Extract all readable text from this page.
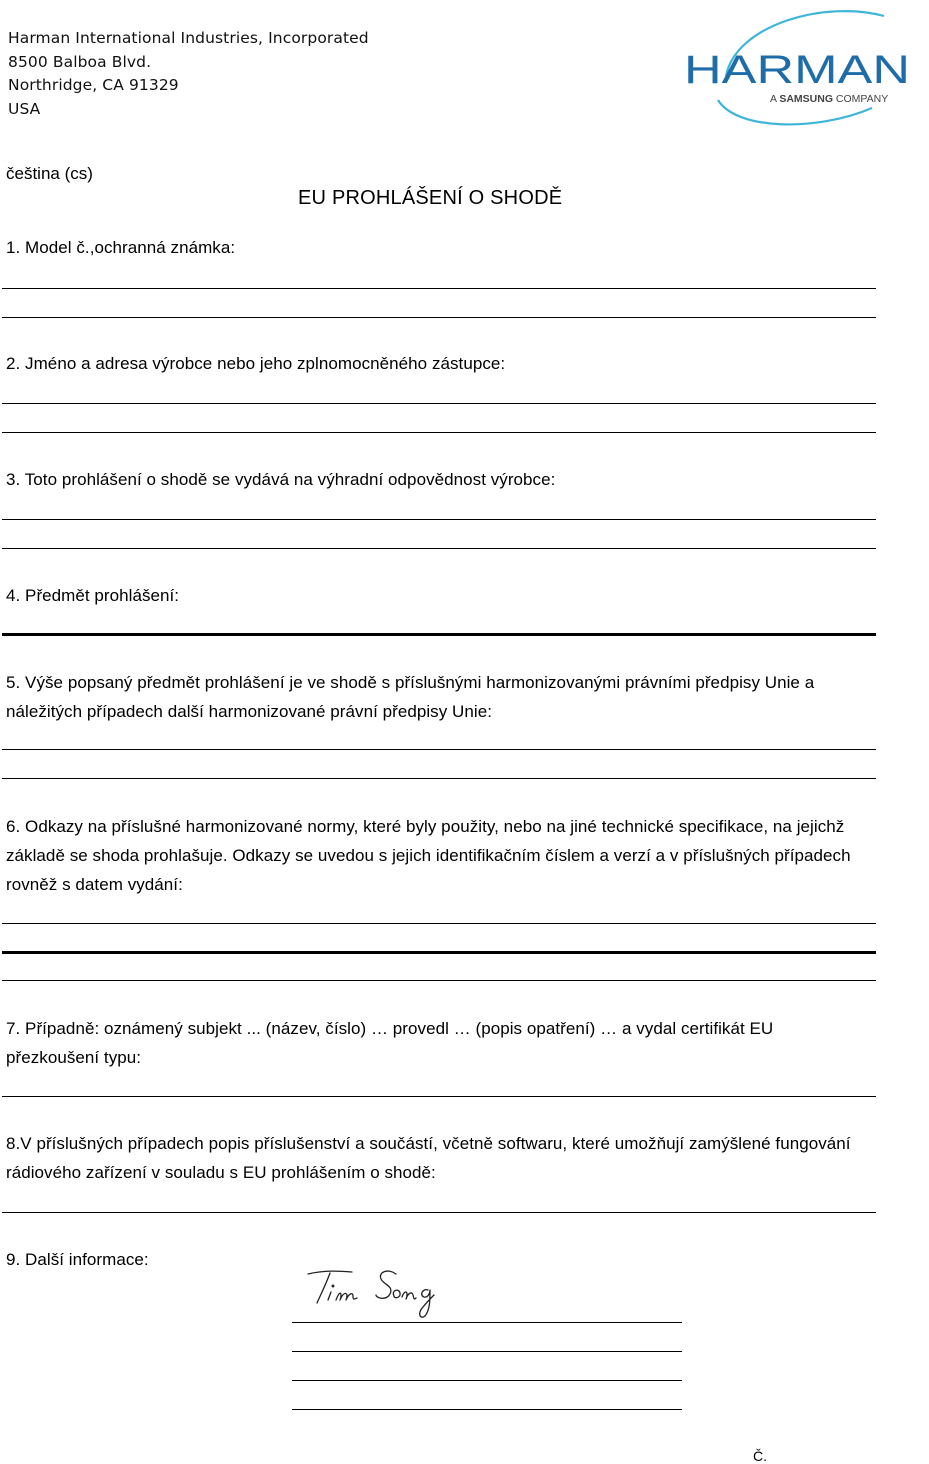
Harman International Industries, Incorporated
8500 Balboa Blvd.
Northridge, CA 91329
USA
HARMAN
A SAMSUNG COMPANY
čeština (cs)
EU PROHLÁŠENÍ O SHODĚ
1. Model č.,ochranná známka:
2. Jméno a adresa výrobce nebo jeho zplnomocněného zástupce:
3. Toto prohlášení o shodě se vydává na výhradní odpovědnost výrobce:
4. Předmět prohlášení:
5. Výše popsaný předmět prohlášení je ve shodě s příslušnými harmonizovanými právními předpisy Unie a
náležitých případech další harmonizované právní předpisy Unie:
6. Odkazy na příslušné harmonizované normy, které byly použity, nebo na jiné technické specifikace, na jejichž
základě se shoda prohlašuje. Odkazy se uvedou s jejich identifikačním číslem a verzí a v příslušných případech
rovněž s datem vydání:
7. Případně: oznámený subjekt ... (název, číslo) … provedl … (popis opatření) … a vydal certifikát EU
přezkoušení typu:
8.V příslušných případech popis příslušenství a součástí, včetně softwaru, které umožňují zamýšlené fungování
rádiového zařízení v souladu s EU prohlášením o shodě:
9. Další informace:
Č.
